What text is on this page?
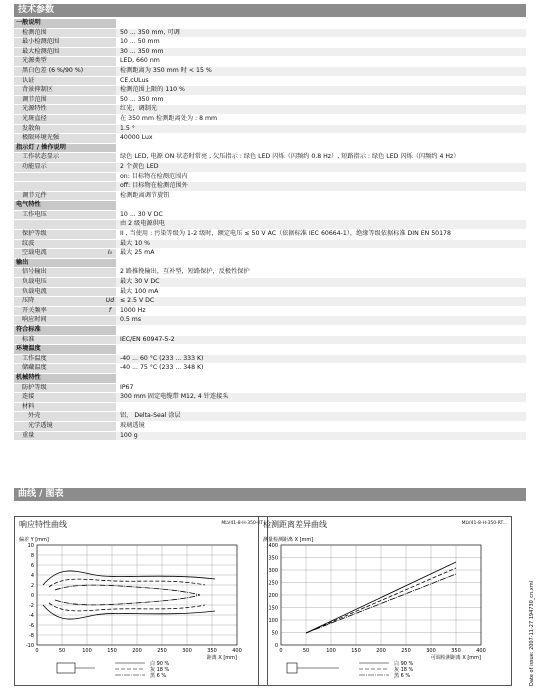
技术参数
一般说明
检测范围	50 ... 350 mm, 可调
最小检测范围	10 ... 50 mm
最大检测范围	30 ... 350 mm
光源类型	LED, 660 nm
黑白色差 (6 %/90 %)	检测距离为 350 mm 时 < 15 %
认证	CE,cULus
背景抑制区	检测范围上限的 110 %
调节范围	50 ... 350 mm
光源特性	红光，调制光
光斑直径	在 350 mm 检测距离处为 : 8 mm
发散角	1.5 °
极限环境光强	40000 Lux
指示灯 / 操作说明
工作状态显示	绿色 LED, 电源 ON 状态时常亮 , 欠压指示 : 绿色 LED 闪烁（闪频约 0.8 Hz）, 短路指示 : 绿色 LED 闪烁（闪频约 4 Hz）
功能显示	2 个黄色 LED
on: 目标物在检测范围内
off: 目标物在检测范围外
调节元件	检测距离调节旋钮
电气特性
工作电压	10 ... 30 V DC
由 2 级电源供电
保护等级	II , 当使用 : 污染等级为 1-2 级时，额定电压 ≤ 50 V AC（依据标准 IEC 60664-1），绝缘等级依据标准 DIN EN 50178
纹波	最大 10 %
空载电流	I₀	最大 25 mA
输出
信号输出	2 路推挽输出，互补型，短路保护，反极性保护
负载电压	最大 30 V DC
负载电流	最大 100 mA
压降	Ud ≤ 2.5 V DC
开关频率	f	1000 Hz
响应时间	0.5 ms
符合标准
标准	IEC/EN 60947-5-2
环境温度
工作温度	-40 ... 60 °C (233 ... 333 K)
储藏温度	-40 ... 75 °C (233 ... 348 K)
机械特性
防护等级	IP67
连接	300 mm 固定电缆带 M12, 4 针连接头
材料
外壳	铝， Delta-Seal 涂层
光学透镜	玻璃透镜
重量	100 g
曲线 / 图表
响应特性曲线	MLV41-8-H-350-RT
偏差 Y [mm]
10
8
6
4
2
0
-2
-4
-6
-8
-10
0	50	100	150	200	250	300	350	400
距离 X [mm]
白 90 %
灰 18 %
黑 6 %
检测距离差异曲线	MLV41-8-H-350-RT...
测量检测距离 X [mm]
400
350
300
250
200
150
100
50
0
0	50	100	150	200	250	300	350	400
可调检测距离 X [mm]
白 90 %
灰 18 %
黑 6 %	Date of issue: 2007-11-27 194730_cn.xml
